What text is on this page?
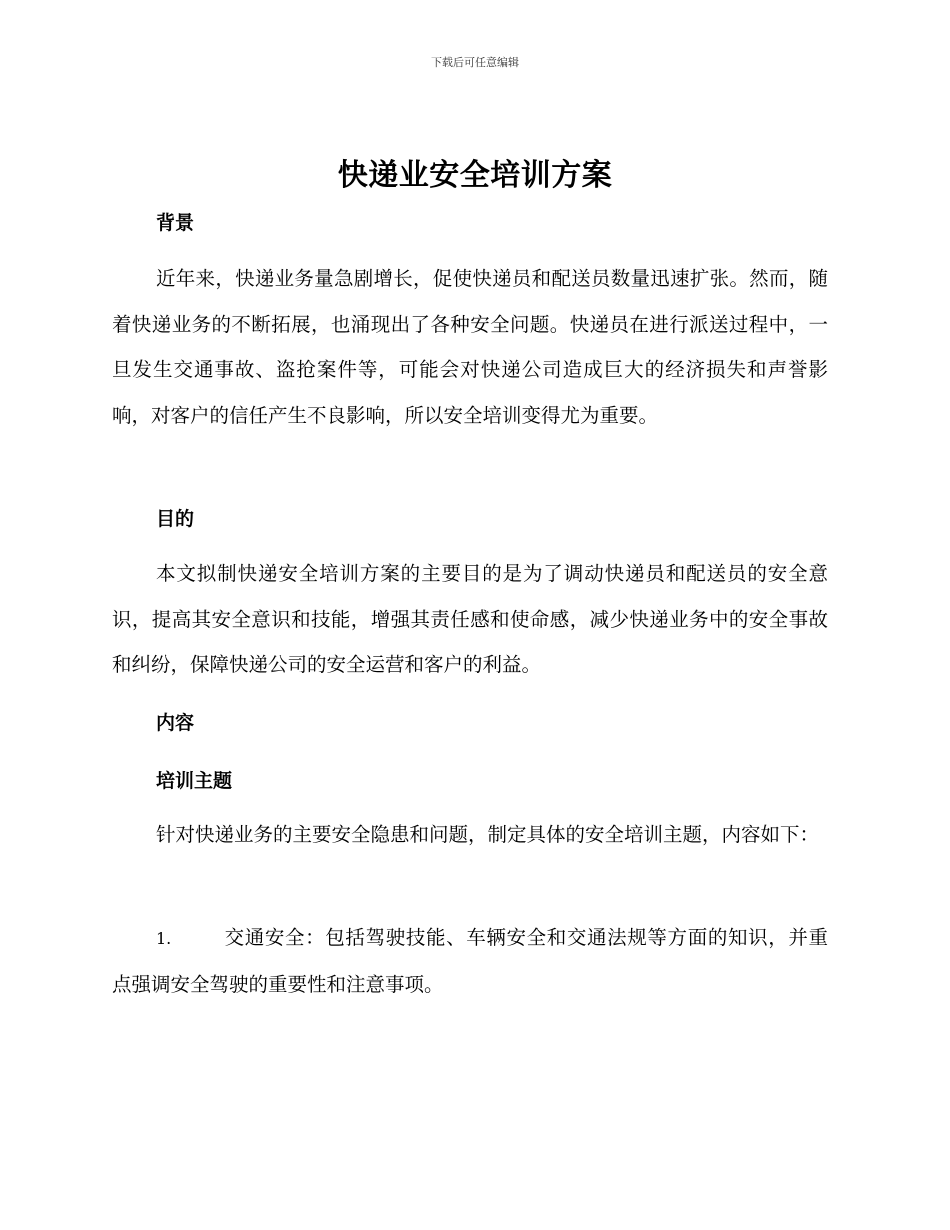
下载后可任意编辑
快递业安全培训方案
背景

近年来，快递业务量急剧增长，促使快递员和配送员数量迅速扩张。然而，随着快递业务的不断拓展，也涌现出了各种安全问题。快递员在进行派送过程中，一旦发生交通事故、盗抢案件等，可能会对快递公司造成巨大的经济损失和声誉影响，对客户的信任产生不良影响，所以安全培训变得尤为重要。

目的

本文拟制快递安全培训方案的主要目的是为了调动快递员和配送员的安全意识，提高其安全意识和技能，增强其责任感和使命感，减少快递业务中的安全事故和纠纷，保障快递公司的安全运营和客户的利益。

内容
培训主题

针对快递业务的主要安全隐患和问题，制定具体的安全培训主题，内容如下：

1.	交通安全：包括驾驶技能、车辆安全和交通法规等方面的知识，并重点强调安全驾驶的重要性和注意事项。
